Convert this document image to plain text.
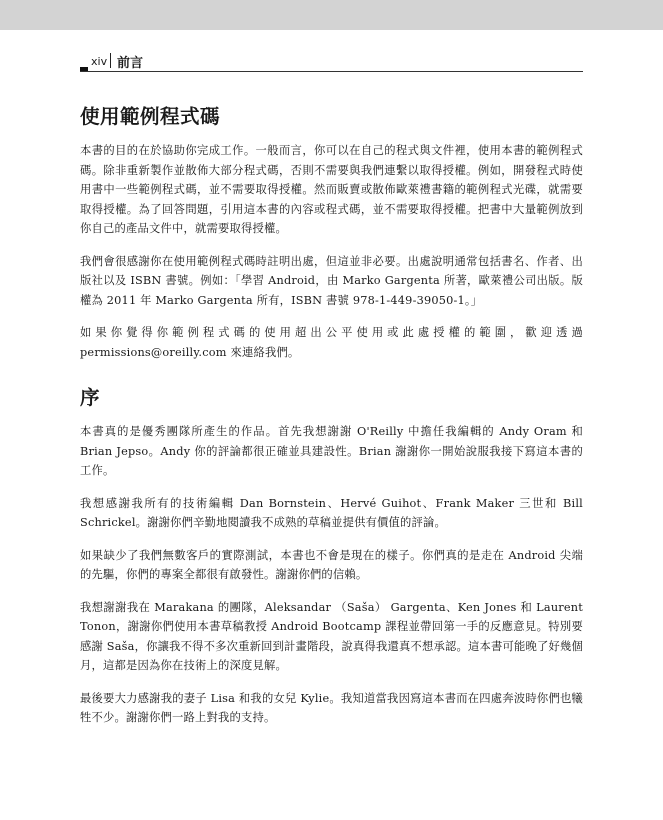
xiv 前言
使用範例程式碼

本書的目的在於協助你完成工作。一般而言，你可以在自己的程式與文件裡，使用本書的範例程式碼。除非重新製作並散佈大部分程式碼，否則不需要與我們連繫以取得授權。例如，開發程式時使用書中一些範例程式碼，並不需要取得授權。然而販賣或散佈歐萊禮書籍的範例程式光碟，就需要取得授權。為了回答問題，引用這本書的內容或程式碼，並不需要取得授權。把書中大量範例放到你自己的產品文件中，就需要取得授權。

我們會很感謝你在使用範例程式碼時註明出處，但這並非必要。出處說明通常包括書名、作者、出版社以及 ISBN 書號。例如：「學習 Android，由 Marko Gargenta 所著，歐萊禮公司出版。版權為 2011 年 Marko Gargenta 所有，ISBN 書號 978-1-449-39050-1。」

如果你覺得你範例程式碼的使用超出公平使用或此處授權的範圍，歡迎透過 permissions@oreilly.com 來連絡我們。

序

本書真的是優秀團隊所產生的作品。首先我想謝謝 O'Reilly 中擔任我編輯的 Andy Oram 和 Brian Jepso。Andy 你的評論都很正確並具建設性。Brian 謝謝你一開始說服我接下寫這本書的工作。

我想感謝我所有的技術編輯 Dan Bornstein、Hervé Guihot、Frank Maker 三世和 Bill Schrickel。謝謝你們辛勤地閱讀我不成熟的草稿並提供有價值的評論。

如果缺少了我們無數客戶的實際測試，本書也不會是現在的樣子。你們真的是走在 Android 尖端的先驅，你們的專案全都很有啟發性。謝謝你們的信賴。

我想謝謝我在 Marakana 的團隊，Aleksandar （Saša） Gargenta、Ken Jones 和 Laurent Tonon，謝謝你們使用本書草稿教授 Android Bootcamp 課程並帶回第一手的反應意見。特別要感謝 Saša，你讓我不得不多次重新回到計畫階段，說真得我還真不想承認。這本書可能晚了好幾個月，這都是因為你在技術上的深度見解。

最後要大力感謝我的妻子 Lisa 和我的女兒 Kylie。我知道當我因寫這本書而在四處奔波時你們也犧牲不少。謝謝你們一路上對我的支持。
